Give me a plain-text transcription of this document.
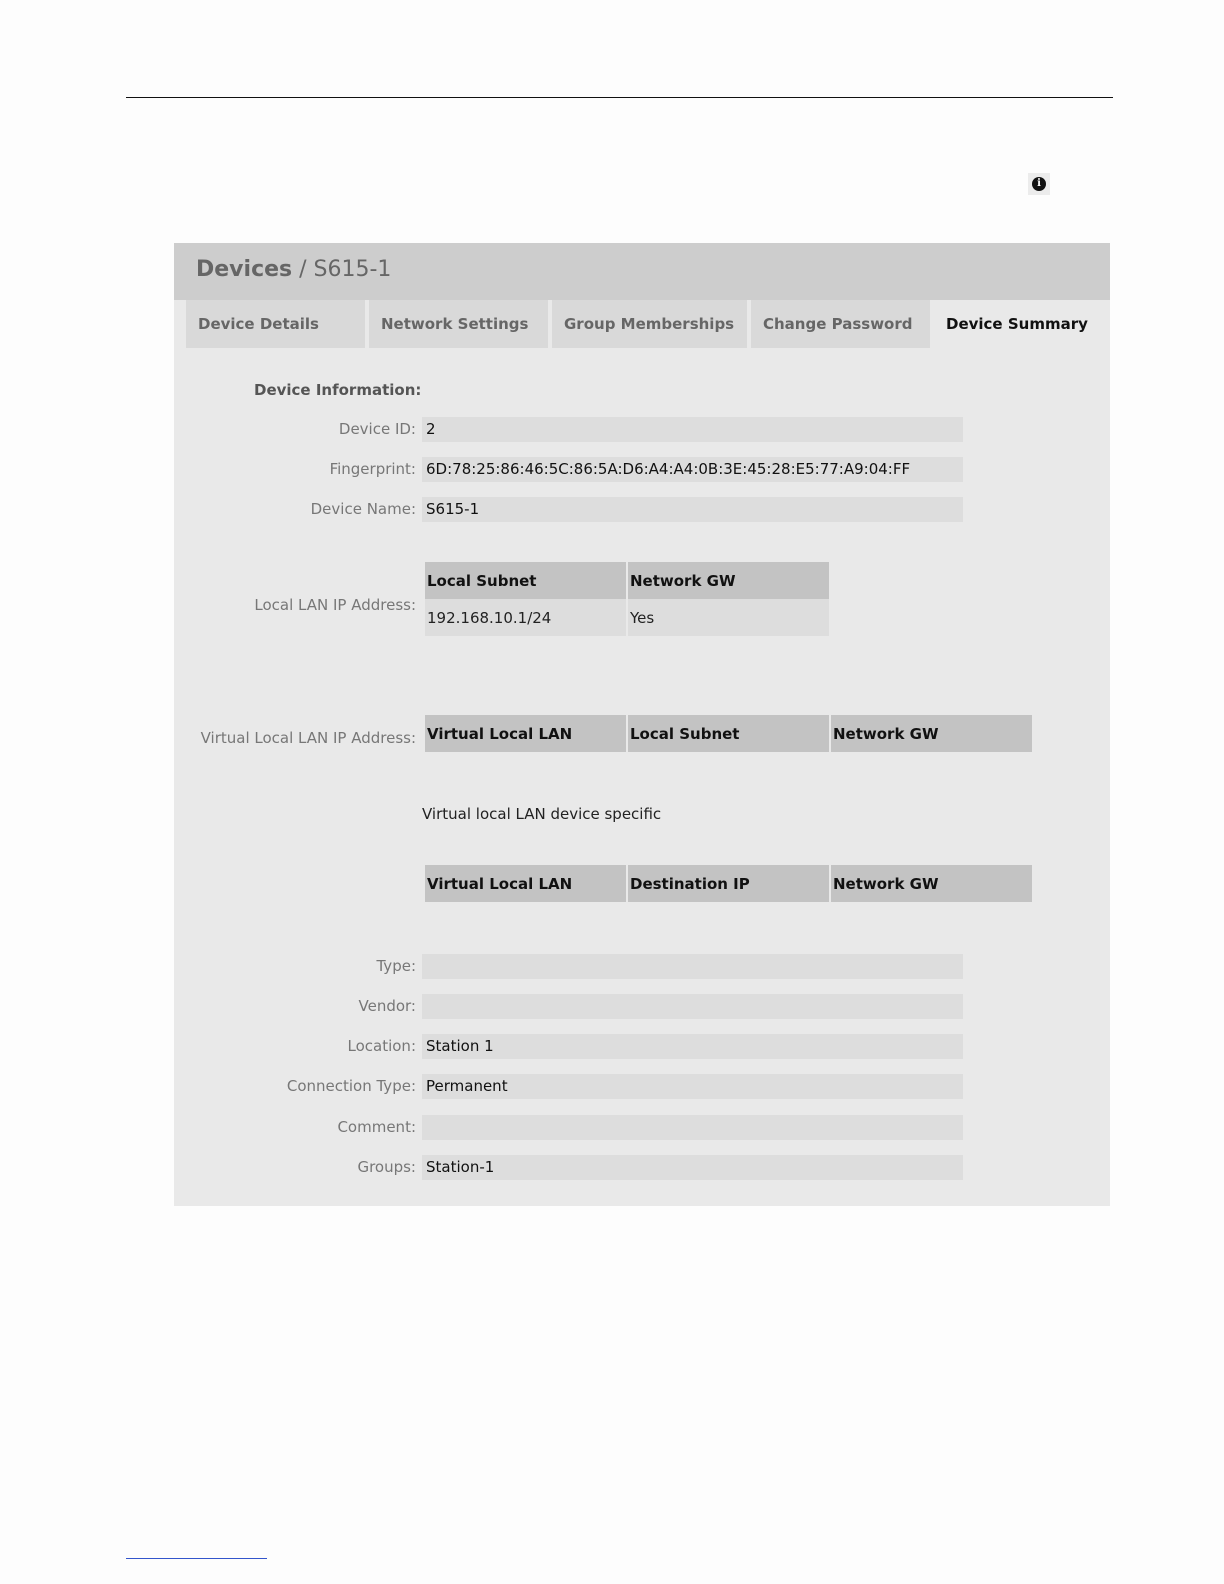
i
Devices / S615-1
Device Details	Network Settings	Group Memberships	Change Password	Device Summary
Device Information:
Device ID: 2
Fingerprint: 6D:78:25:86:46:5C:86:5A:D6:A4:A4:0B:3E:45:28:E5:77:A9:04:FF
Device Name: S615-1
Local LAN IP Address:
Local Subnet	Network GW
192.168.10.1/24	Yes
Virtual Local LAN IP Address: Virtual Local LAN	Local Subnet	Network GW
Virtual local LAN device specific
Virtual Local LAN	Destination IP	Network GW
Type:
Vendor:
Location: Station 1
Connection Type: Permanent
Comment:
Groups: Station-1
